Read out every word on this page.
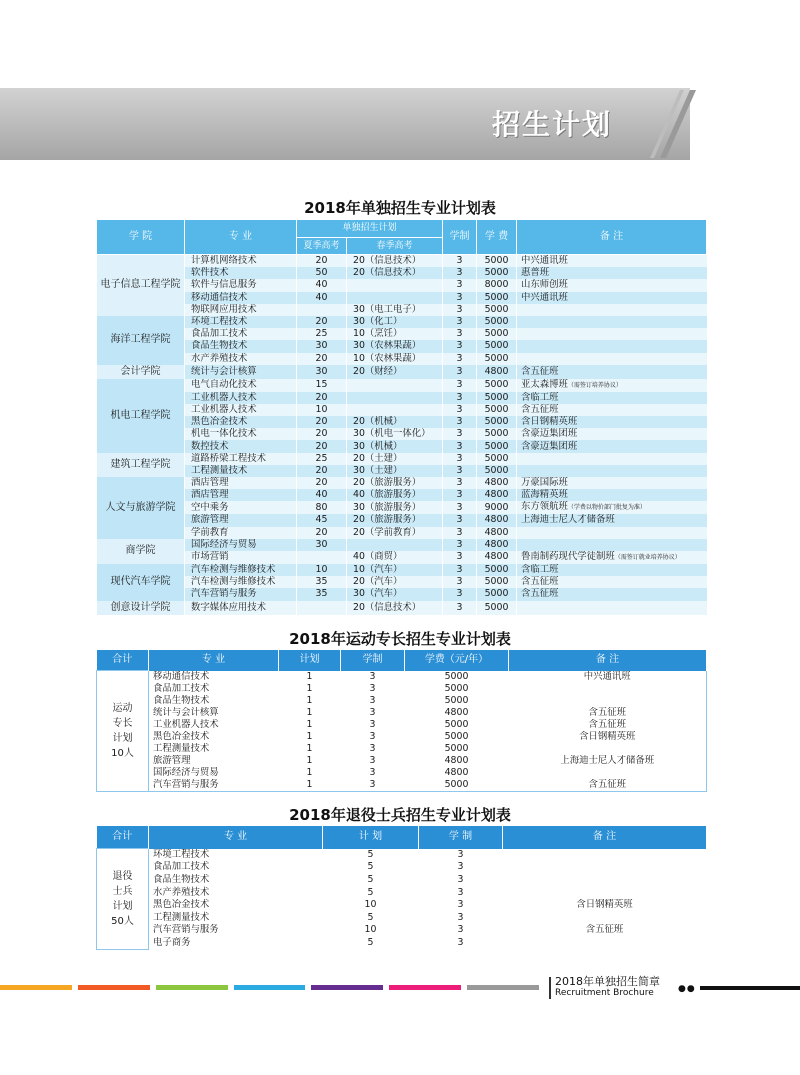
招生计划
2018年单独招生专业计划表
学 院	专 业	单独招生计划		学制	学 费	备 注
		夏季高考	春季高考			
电子信息工程学院	计算机网络技术	20	20（信息技术）	3	5000	中兴通讯班
	软件技术	50	20（信息技术）	3	5000	惠普班
	软件与信息服务	40		3	8000	山东师创班
	移动通信技术	40		3	5000	中兴通讯班
	物联网应用技术		30（电工电子）	3	5000	
海洋工程学院	环境工程技术	20	30（化工）	3	5000	
	食品加工技术	25	10（烹饪）	3	5000	
	食品生物技术	30	30（农林果蔬）	3	5000	
	水产养殖技术	20	10（农林果蔬）	3	5000	
会计学院	统计与会计核算	30	20（财经）	3	4800	含五征班
机电工程学院	电气自动化技术	15		3	5000	亚太森博班（需签订培养协议）
	工业机器人技术	20		3	5000	含临工班
	工业机器人技术	10		3	5000	含五征班
	黑色冶金技术	20	20（机械）	3	5000	含日钢精英班
	机电一体化技术	20	30（机电一体化）	3	5000	含豪迈集团班
	数控技术	20	30（机械）	3	5000	含豪迈集团班
建筑工程学院	道路桥梁工程技术	25	20（土建）	3	5000	
	工程测量技术	20	30（土建）	3	5000	
人文与旅游学院	酒店管理	20	20（旅游服务）	3	4800	万豪国际班
	酒店管理	40	40（旅游服务）	3	4800	蓝海精英班
	空中乘务	80	30（旅游服务）	3	9000	东方领航班（学费以物价部门批复为准）
	旅游管理	45	20（旅游服务）	3	4800	上海迪士尼人才储备班
	学前教育	20	20（学前教育）	3	4800	
商学院	国际经济与贸易	30		3	4800	
	市场营销		40（商贸）	3	4800	鲁南制药现代学徒制班（需签订就业培养协议）
现代汽车学院	汽车检测与维修技术	10	10（汽车）	3	5000	含临工班
	汽车检测与维修技术	35	20（汽车）	3	5000	含五征班
	汽车营销与服务	35	30（汽车）	3	5000	含五征班
创意设计学院	数字媒体应用技术		20（信息技术）	3	5000	
2018年运动专长招生专业计划表
合计	专 业	计划	学制	学费（元/年）	备 注

运动
专长
计划
10人	移动通信技术	1	3	5000	中兴通讯班
	食品加工技术	1	3	5000	
	食品生物技术	1	3	5000	
	统计与会计核算	1	3	4800	含五征班
	工业机器人技术	1	3	5000	含五征班
	黑色冶金技术	1	3	5000	含日钢精英班
	工程测量技术	1	3	5000	
	旅游管理	1	3	4800	上海迪士尼人才储备班
	国际经济与贸易	1	3	4800	
	汽车营销与服务	1	3	5000	含五征班
2018年退役士兵招生专业计划表
合计	专 业	计 划	学 制	备 注

退役
士兵
计划
50人	环境工程技术	5	3	
	食品加工技术	5	3	
	食品生物技术	5	3	
	水产养殖技术	5	3	
	黑色冶金技术	10	3	含日钢精英班
	工程测量技术	5	3	
	汽车营销与服务	10	3	含五征班
	电子商务	5	3	
2018年单独招生简章
Recruitment Brochure	●●
